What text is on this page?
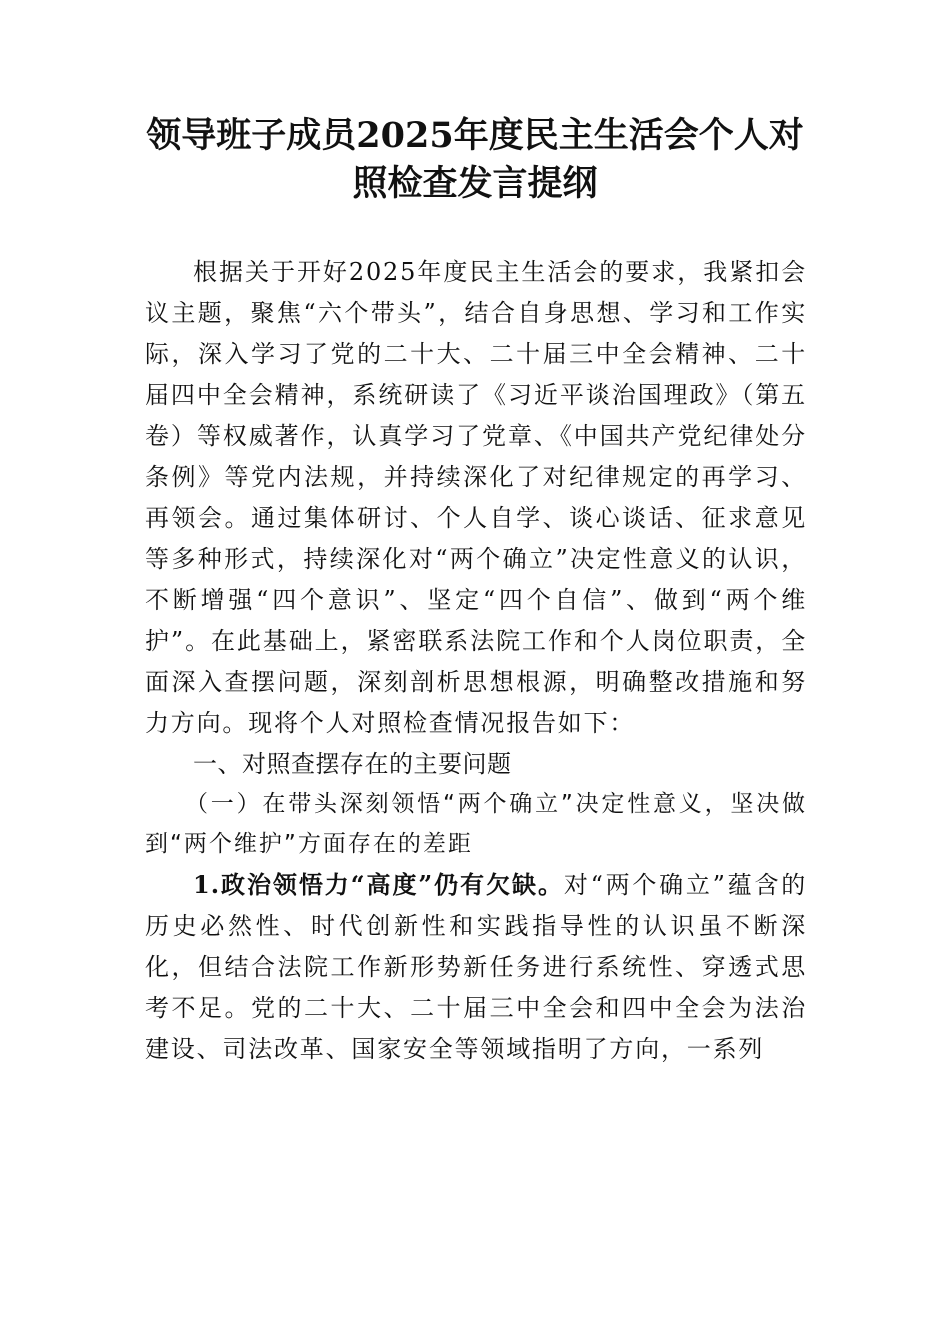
领导班子成员2025年度民主生活会个人对照检查发言提纲

根据关于开好2025年度民主生活会的要求，我紧扣会议主题，聚焦“六个带头”，结合自身思想、学习和工作实际，深入学习了党的二十大、二十届三中全会精神、二十届四中全会精神，系统研读了《习近平谈治国理政》（第五卷）等权威著作，认真学习了党章、《中国共产党纪律处分条例》等党内法规，并持续深化了对纪律规定的再学习、再领会。通过集体研讨、个人自学、谈心谈话、征求意见等多种形式，持续深化对“两个确立”决定性意义的认识，不断增强“四个意识”、坚定“四个自信”、做到“两个维护”。在此基础上，紧密联系法院工作和个人岗位职责，全面深入查摆问题，深刻剖析思想根源，明确整改措施和努力方向。现将个人对照检查情况报告如下：

一、对照查摆存在的主要问题

（一）在带头深刻领悟“两个确立”决定性意义，坚决做到“两个维护”方面存在的差距

1.政治领悟力“高度”仍有欠缺。对“两个确立”蕴含的历史必然性、时代创新性和实践指导性的认识虽不断深化，但结合法院工作新形势新任务进行系统性、穿透式思考不足。党的二十大、二十届三中全会和四中全会为法治建设、司法改革、国家安全等领域指明了方向，一系列
